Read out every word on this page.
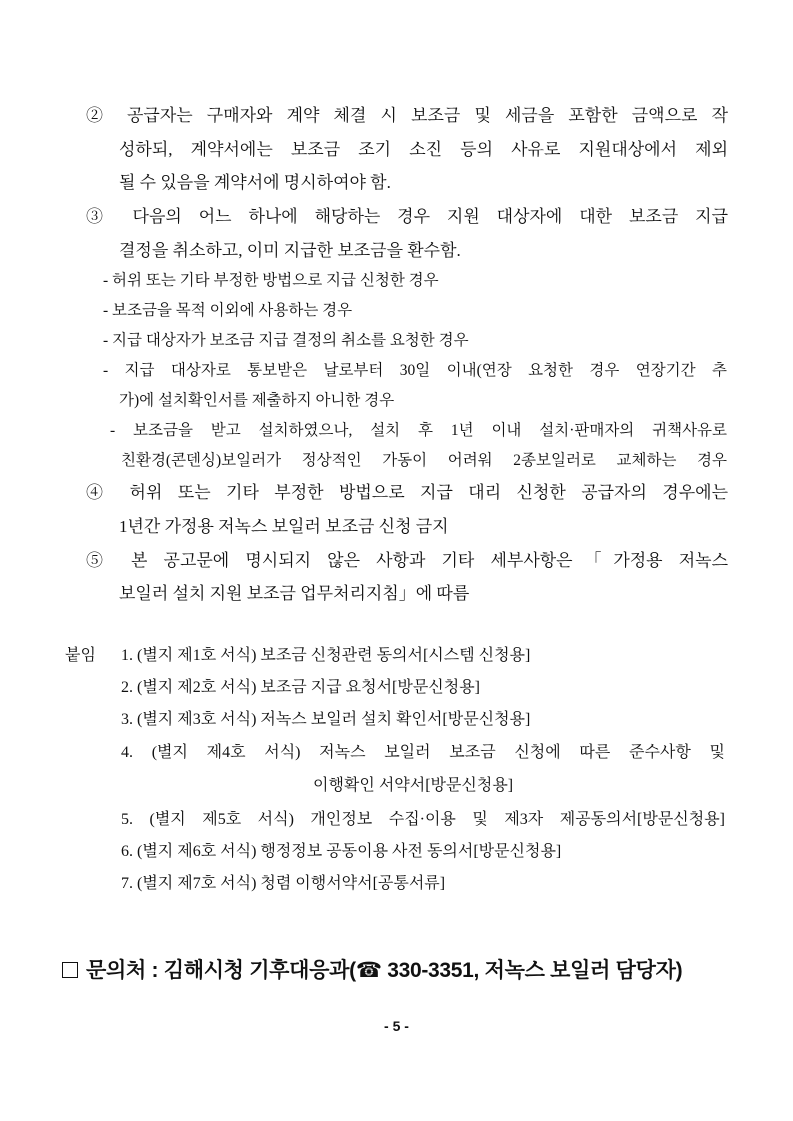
② 공급자는 구매자와 계약 체결 시 보조금 및 세금을 포함한 금액으로 작
성하되, 계약서에는 보조금 조기 소진 등의 사유로 지원대상에서 제외
될 수 있음을 계약서에 명시하여야 함.
③ 다음의 어느 하나에 해당하는 경우 지원 대상자에 대한 보조금 지급
결정을 취소하고, 이미 지급한 보조금을 환수함.
- 허위 또는 기타 부정한 방법으로 지급 신청한 경우
- 보조금을 목적 이외에 사용하는 경우
- 지급 대상자가 보조금 지급 결정의 취소를 요청한 경우
- 지급 대상자로 통보받은 날로부터 30일 이내(연장 요청한 경우 연장기간 추
가)에 설치확인서를 제출하지 아니한 경우
- 보조금을 받고 설치하였으나, 설치 후 1년 이내 설치·판매자의 귀책사유로
친환경(콘덴싱)보일러가 정상적인 가동이 어려워 2종보일러로 교체하는 경우
④ 허위 또는 기타 부정한 방법으로 지급 대리 신청한 공급자의 경우에는
1년간 가정용 저녹스 보일러 보조금 신청 금지
⑤ 본 공고문에 명시되지 않은 사항과 기타 세부사항은「가정용 저녹스
보일러 설치 지원 보조금 업무처리지침」에 따름
붙임 1. (별지 제1호 서식) 보조금 신청관련 동의서[시스템 신청용]
2. (별지 제2호 서식) 보조금 지급 요청서[방문신청용]
3. (별지 제3호 서식) 저녹스 보일러 설치 확인서[방문신청용]
4. (별지 제4호 서식) 저녹스 보일러 보조금 신청에 따른 준수사항 및
이행확인 서약서[방문신청용]
5. (별지 제5호 서식) 개인정보 수집·이용 및 제3자 제공동의서[방문신청용]
6. (별지 제6호 서식) 행정정보 공동이용 사전 동의서[방문신청용]
7. (별지 제7호 서식) 청렴 이행서약서[공통서류]
문의처 : 김해시청 기후대응과(☎ 330-3351, 저녹스 보일러 담당자)
- 5 -
